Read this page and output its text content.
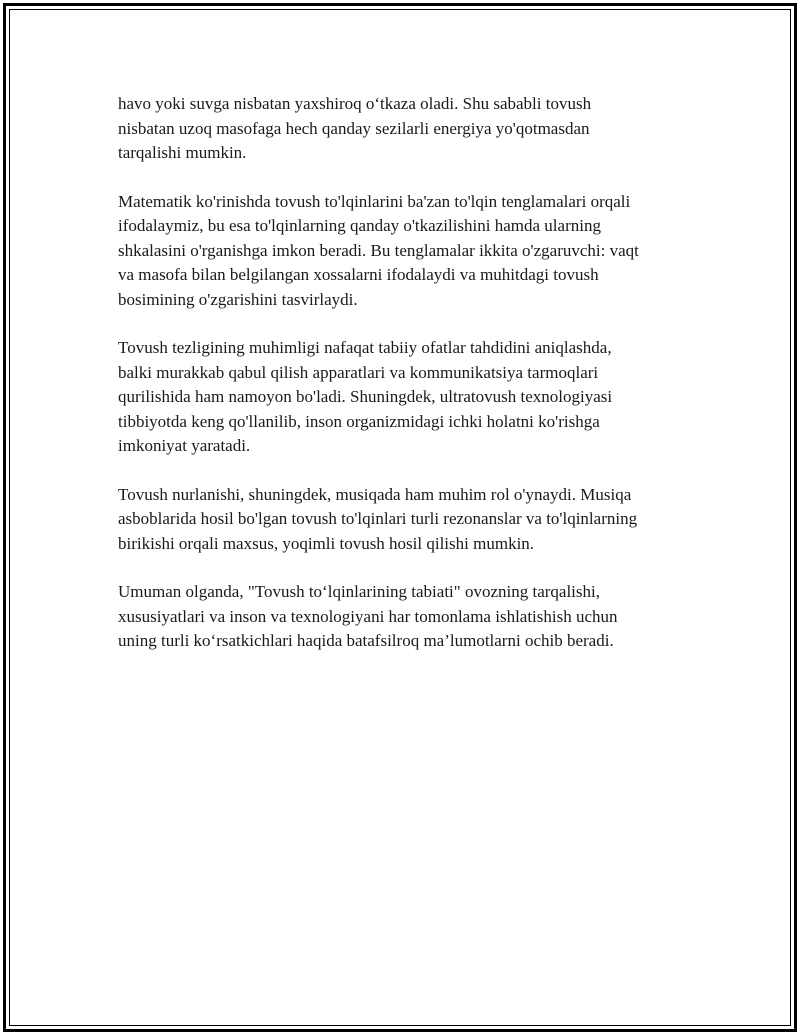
havo yoki suvga nisbatan yaxshiroq o‘tkaza oladi. Shu sababli tovush
nisbatan uzoq masofaga hech qanday sezilarli energiya yo'qotmasdan
tarqalishi mumkin.

Matematik ko'rinishda tovush to'lqinlarini ba'zan to'lqin tenglamalari orqali
ifodalaymiz, bu esa to'lqinlarning qanday o'tkazilishini hamda ularning
shkalasini o'rganishga imkon beradi. Bu tenglamalar ikkita o'zgaruvchi: vaqt
va masofa bilan belgilangan xossalarni ifodalaydi va muhitdagi tovush
bosimining o'zgarishini tasvirlaydi.

Tovush tezligining muhimligi nafaqat tabiiy ofatlar tahdidini aniqlashda,
balki murakkab qabul qilish apparatlari va kommunikatsiya tarmoqlari
qurilishida ham namoyon bo'ladi. Shuningdek, ultratovush texnologiyasi
tibbiyotda keng qo'llanilib, inson organizmidagi ichki holatni ko'rishga
imkoniyat yaratadi.

Tovush nurlanishi, shuningdek, musiqada ham muhim rol o'ynaydi. Musiqa
asboblarida hosil bo'lgan tovush to'lqinlari turli rezonanslar va to'lqinlarning
birikishi orqali maxsus, yoqimli tovush hosil qilishi mumkin.

Umuman olganda, "Tovush to‘lqinlarining tabiati" ovozning tarqalishi,
xususiyatlari va inson va texnologiyani har tomonlama ishlatishish uchun
uning turli ko‘rsatkichlari haqida batafsilroq ma’lumotlarni ochib beradi.
